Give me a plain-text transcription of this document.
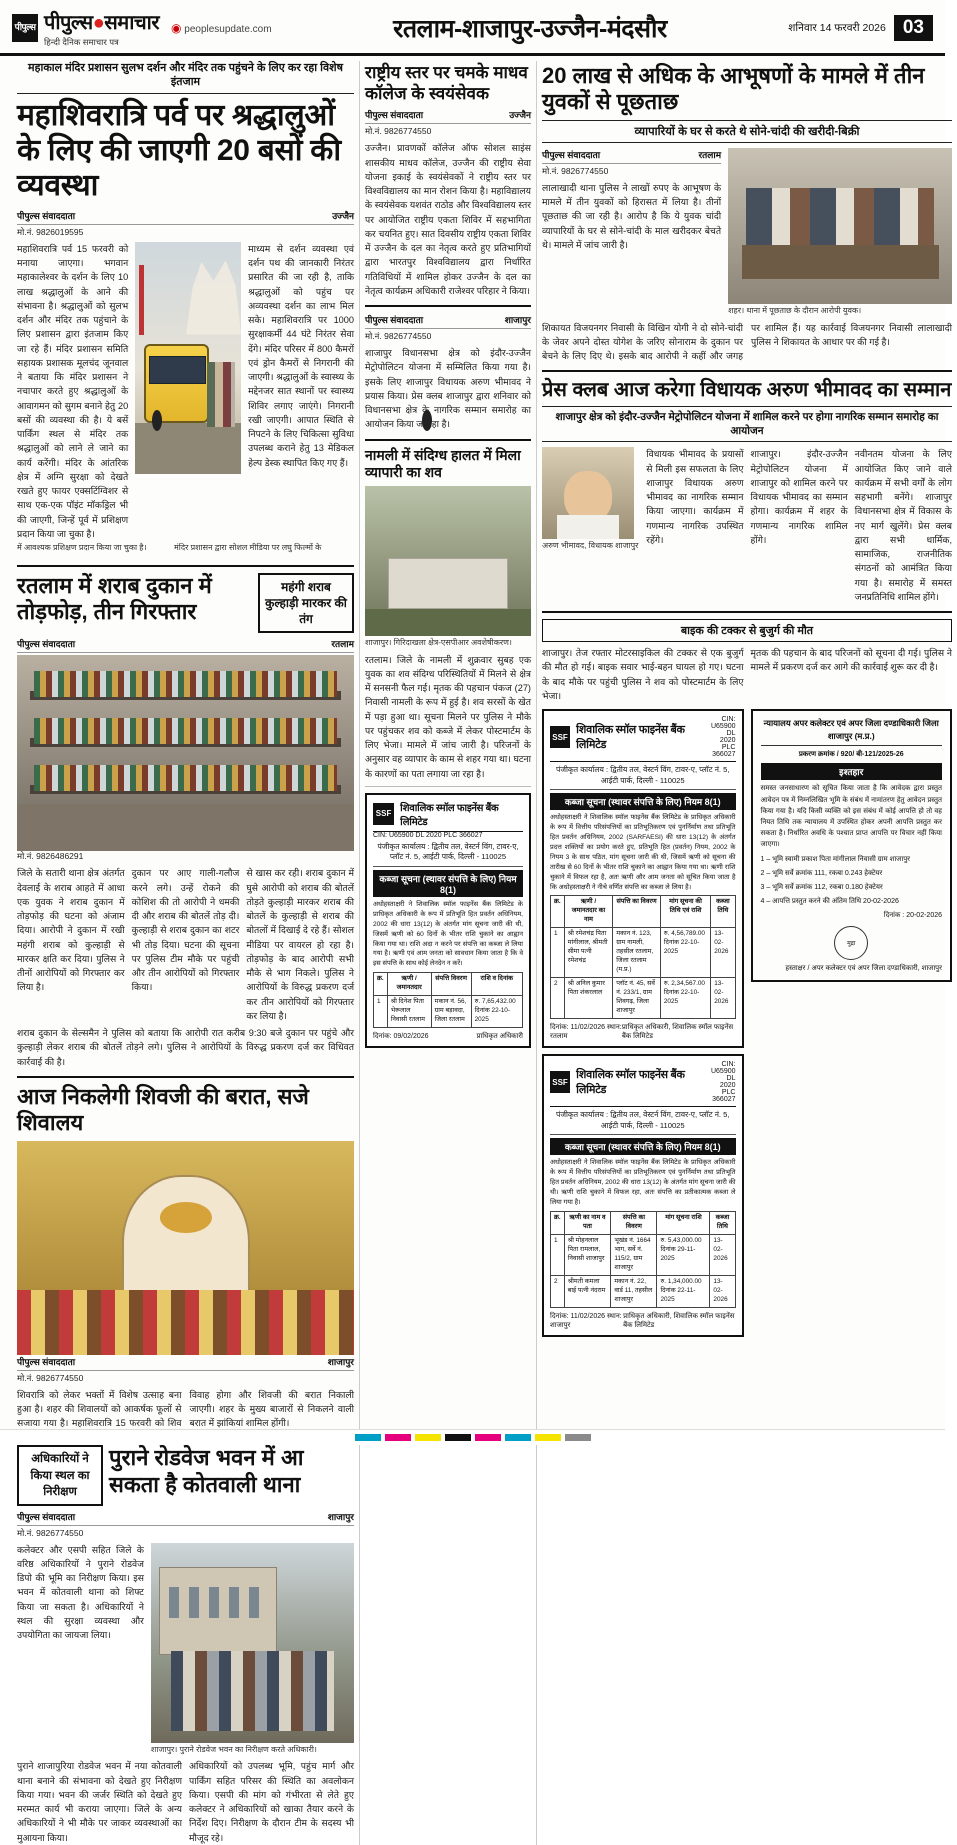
पीपुल्स पीपुल्स●समाचार
हिन्दी दैनिक समाचार पत्र
◉ peoplesupdate.com	रतलाम-शाजापुर-उज्जैन-मंदसौर	शनिवार 14 फरवरी 2026 03
महाकाल मंदिर प्रशासन सुलभ दर्शन और मंदिर तक पहुंचने के लिए कर रहा विशेष इंतजाम
महाशिवरात्रि पर्व पर श्रद्धालुओं के लिए की जाएगी 20 बसों की व्यवस्था
पीपुल्स संवाददाता	उज्जैन
मो.नं. 9826019595
महाशिवरात्रि पर्व 15 फरवरी को मनाया जाएगा। भगवान महाकालेश्वर के दर्शन के लिए 10 लाख श्रद्धालुओं के आने की संभावना है। श्रद्धालुओं को सुलभ दर्शन और मंदिर तक पहुंचाने के लिए प्रशासन द्वारा इंतजाम किए जा रहे हैं। मंदिर प्रशासन समिति सहायक प्रशासक मूलचंद जूनवाल ने बताया कि मंदिर प्रशासन ने नचापार करते हुए श्रद्धालुओं के आवागमन को सुगम बनाने हेतु 20 बसों की व्यवस्था की है। ये बसें पार्किंग स्थल से मंदिर तक श्रद्धालुओं को लाने ले जाने का कार्य करेंगी। मंदिर के आंतरिक क्षेत्र में अग्नि सुरक्षा को देखते रखते हुए फायर एक्सटिंग्विशर से साथ एक-एक पॉइंट मॉकड्रिल भी की जाएगी, जिन्हें पूर्व में प्रशिक्षण प्रदान किया जा चुका है।
माध्यम से दर्शन व्यवस्था एवं दर्शन पथ की जानकारी निरंतर प्रसारित की जा रही है, ताकि श्रद्धालुओं को पहुंच पर अव्यवस्था दर्शन का लाभ मिल सके। महाशिवरात्रि पर 1000 सुरक्षाकर्मी 44 घंटे निरंतर सेवा देंगे। मंदिर परिसर में 800 कैमरों एवं ड्रोन कैमरों से निगरानी की जाएगी। श्रद्धालुओं के स्वास्थ्य के मद्देनजर सात स्थानों पर स्वास्थ्य शिविर लगाए जाएंगे। निगरानी रखी जाएगी। आपात स्थिति से निपटने के लिए चिकित्सा सुविधा उपलब्ध कराने हेतु 13 मेडिकल हेल्प डेस्क स्थापित किए गए हैं।
में आवश्यक प्रशिक्षण प्रदान किया जा चुका है।	मंदिर प्रशासन द्वारा सोशल मीडिया पर लघु फिल्मों के
महंगी शराब कुल्हाड़ी मारकर की तंग
रतलाम में शराब दुकान में तोड़फोड़, तीन गिरफ्तार
पीपुल्स संवाददाता	रतलाम
मो.नं. 9826486291
जिले के सतारी थाना क्षेत्र अंतर्गत देवलाई के शराब आहते में आधा एक युवक ने शराब दुकान में तोड़फोड़ की घटना को अंजाम दिया। आरोपी ने दुकान में रखी महंगी शराब को कुल्हाड़ी से मारकर क्षति कर दिया। पुलिस ने तीनों आरोपियों को गिरफ्तार कर लिया है।
दुकान पर आए गाली-गलौज करने लगे। उन्हें रोकने की कोशिश की तो आरोपी ने धमकी दी और शराब की बोतलें तोड़ दी। कुल्हाड़ी से शराब दुकान का शटर भी तोड़ दिया। घटना की सूचना पर पुलिस टीम मौके पर पहुंची और तीन आरोपियों को गिरफ्तार किया।
से खास कर रही। शराब दुकान में घुसे आरोपी को शराब की बोतलें तोड़ते कुल्हाड़ी मारकर शराब की बोतलें के कुल्हाड़ी से शराब की बोतलों में दिखाई दे रहे हैं। सोशल मीडिया पर वायरल हो रहा है। तोड़फोड़ के बाद आरोपी सभी मौके से भाग निकले। पुलिस ने आरोपियों के विरुद्ध प्रकरण दर्ज कर तीन आरोपियों को गिरफ्तार कर लिया है।
शराब दुकान के सेल्समैन ने पुलिस को बताया कि आरोपी रात करीब 9:30 बजे दुकान पर पहुंचे और कुल्हाड़ी लेकर शराब की बोतलें तोड़ने लगे। पुलिस ने आरोपियों के विरुद्ध प्रकरण दर्ज कर विधिवत कार्रवाई की है।
आज निकलेगी शिवजी की बरात, सजे शिवालय
पीपुल्स संवाददाता	शाजापुर
मो.नं. 9826774550
शिवरात्रि को लेकर भक्तों में विशेष उत्साह बना हुआ है। शहर की शिवालयों को आकर्षक फूलों से सजाया गया है। महाशिवरात्रि 15 फरवरी को शिव विवाह होगा और शिवजी की बरात निकाली जाएगी। शहर के मुख्य बाजारों से निकलने वाली बरात में झांकियां शामिल होंगी।
अधिकारियों ने किया स्थल का निरीक्षण
पुराने रोडवेज भवन में आ सकता है कोतवाली थाना
पीपुल्स संवाददाता	शाजापुर
मो.नं. 9826774550
कलेक्टर और एसपी सहित जिले के वरिष्ठ अधिकारियों ने पुराने रोडवेज डिपो की भूमि का निरीक्षण किया। इस भवन में कोतवाली थाना को शिफ्ट किया जा सकता है। अधिकारियों ने स्थल की सुरक्षा व्यवस्था और उपयोगिता का जायजा लिया।
शाजापुर। पुराने रोडवेज भवन का निरीक्षण करते अधिकारी।
पुराने शाजापुरिया रोडवेज भवन में नया कोतवाली थाना बनाने की संभावना को देखते हुए निरीक्षण किया गया। भवन की जर्जर स्थिति को देखते हुए मरम्मत कार्य भी कराया जाएगा। जिले के अन्य अधिकारियों ने भी मौके पर जाकर व्यवस्थाओं का मुआयना किया।
अधिकारियों को उपलब्ध भूमि, पहुंच मार्ग और पार्किंग सहित परिसर की स्थिति का अवलोकन किया। एसपी की मांग को गंभीरता से लेते हुए कलेक्टर ने अधिकारियों को खाका तैयार करने के निर्देश दिए। निरीक्षण के दौरान टीम के सदस्य भी मौजूद रहे।
राष्ट्रीय स्तर पर चमके माधव कॉलेज के स्वयंसेवक
पीपुल्स संवाददाता	उज्जैन
मो.नं. 9826774550
उज्जैन। प्रावणकों कॉलेज ऑफ सोशल साइंस शासकीय माधव कॉलेज, उज्जैन की राष्ट्रीय सेवा योजना इकाई के स्वयंसेवकों ने राष्ट्रीय स्तर पर विश्वविद्यालय का मान रोशन किया है। महाविद्यालय के स्वयंसेवक यशवंत राठोड और विश्वविद्यालय स्तर पर आयोजित राष्ट्रीय एकता शिविर में सहभागिता कर चयनित हुए। सात दिवसीय राष्ट्रीय एकता शिविर में उज्जैन के दल का नेतृत्व करते हुए प्रतिभागियों द्वारा भारतपुर विश्वविद्यालय द्वारा निर्धारित गतिविधियों में शामिल होकर उज्जैन के दल का नेतृत्व कार्यक्रम अधिकारी राजेश्वर परिहार ने किया।
पीपुल्स संवाददाता	शाजापुर
मो.नं. 9826774550
शाजापुर विधानसभा क्षेत्र को इंदौर-उज्जैन मेट्रोपोलिटन योजना में सम्मिलित किया गया है। इसके लिए शाजापुर विधायक अरुण भीमावद ने प्रयास किया। प्रेस क्लब शाजापुर द्वारा शनिवार को विधानसभा क्षेत्र के नागरिक सम्मान समारोह का आयोजन किया जा रहा है।
नामली में संदिग्ध हालत में मिला व्यापारी का शव
शाजापुर। गिरिदाखला क्षेत्र-एसपीआर अवशेषीकरण।
रतलाम। जिले के नामली में शुक्रवार सुबह एक युवक का शव संदिग्ध परिस्थितियों में मिलने से क्षेत्र में सनसनी फैल गई। मृतक की पहचान पंकज (27) निवासी नामली के रूप में हुई है। शव सरसों के खेत में पड़ा हुआ था। सूचना मिलने पर पुलिस ने मौके पर पहुंचकर शव को कब्जे में लेकर पोस्टमार्टम के लिए भेजा। मामले में जांच जारी है। परिजनों के अनुसार वह व्यापार के काम से शहर गया था। घटना के कारणों का पता लगाया जा रहा है।
SSF शिवालिक स्मॉल फाइनेंस बैंक लिमिटेड
CIN: U65900 DL 2020 PLC 366027
पंजीकृत कार्यालय : द्वितीय तल, वेस्टर्न विंग, टावर-ए, प्लॉट नं. 5, आईटी पार्क, दिल्ली - 110025
कब्जा सूचना (स्थावर संपत्ति के लिए) नियम 8(1)
अधोहस्ताक्षरी ने शिवालिक स्मॉल फाइनेंस बैंक लिमिटेड के प्राधिकृत अधिकारी के रूप में प्रतिभूति हित प्रवर्तन अधिनियम, 2002 की धारा 13(12) के अंतर्गत मांग सूचना जारी की थी, जिसमें ऋणी को 60 दिनों के भीतर राशि चुकाने का आह्वान किया गया था। राशि अदा न करने पर संपत्ति का कब्जा ले लिया गया है। ऋणी एवं आम जनता को सावधान किया जाता है कि वे इस संपत्ति के साथ कोई लेनदेन न करें।
क्र.	ऋणी / जमानतदार	संपत्ति विवरण	राशि व दिनांक
1	श्री दिनेश पिता भेरूलाल निवासी रतलाम	मकान नं. 56, ग्राम बड़ावदा, जिला रतलाम	रु. 7,65,432.00 दिनांक 22-10-2025
दिनांक: 09/02/2026	प्राधिकृत अधिकारी
20 लाख से अधिक के आभूषणों के मामले में तीन युवकों से पूछताछ
व्यापारियों के घर से करते थे सोने-चांदी की खरीदी-बिक्री
पीपुल्स संवाददाता	रतलाम
मो.नं. 9826774550
लालाखादी थाना पुलिस ने लाखों रुपए के आभूषण के मामले में तीन युवकों को हिरासत में लिया है। तीनों पूछताछ की जा रही है। आरोप है कि ये युवक चांदी व्यापारियों के घर से सोने-चांदी के माल खरीदकर बेचते थे। मामले में जांच जारी है।
शहर। थाना में पूछताछ के दौरान आरोपी युवक।
शिकायत विजयनगर निवासी के विखिन योगी ने दो सोने-चांदी के जेवर अपने दोस्त योगेश के जरिए सोनाराम के दुकान पर बेचने के लिए दिए थे। इसके बाद आरोपी ने कहीं और जगह पर शामिल हैं। यह कार्रवाई विजयनगर निवासी लालाखादी पुलिस ने शिकायत के आधार पर की गई है।
प्रेस क्लब आज करेगा विधायक अरुण भीमावद का सम्मान
शाजापुर क्षेत्र को इंदौर-उज्जैन मेट्रोपोलिटन योजना में शामिल करने पर होगा नागरिक सम्मान समारोह का आयोजन
अरुण भीमावद, विधायक शाजापुर
विधायक भीमावद के प्रयासों से मिली इस सफलता के लिए शाजापुर विधायक अरुण भीमावद का नागरिक सम्मान किया जाएगा। कार्यक्रम में गणमान्य नागरिक उपस्थित रहेंगे।
शाजापुर। इंदौर-उज्जैन मेट्रोपोलिटन योजना में शाजापुर को शामिल करने पर विधायक भीमावद का सम्मान होगा। कार्यक्रम में शहर के गणमान्य नागरिक शामिल होंगे।
नवीनतम योजना के लिए आयोजित किए जाने वाले कार्यक्रम में सभी वर्गों के लोग सहभागी बनेंगे। शाजापुर विधानसभा क्षेत्र में विकास के नए मार्ग खुलेंगे। प्रेस क्लब द्वारा सभी धार्मिक, सामाजिक, राजनीतिक संगठनों को आमंत्रित किया गया है। समारोह में समस्त जनप्रतिनिधि शामिल होंगे।
बाइक की टक्कर से बुजुर्ग की मौत
शाजापुर। तेज रफ्तार मोटरसाइकिल की टक्कर से एक बुजुर्ग की मौत हो गई। बाइक सवार भाई-बहन घायल हो गए। घटना के बाद मौके पर पहुंची पुलिस ने शव को पोस्टमार्टम के लिए भेजा।
मृतक की पहचान के बाद परिजनों को सूचना दी गई। पुलिस ने मामले में प्रकरण दर्ज कर आगे की कार्रवाई शुरू कर दी है।
SSF
शिवालिक स्मॉल फाइनेंस बैंक लिमिटेड
CIN: U65900 DL 2020 PLC 366027
पंजीकृत कार्यालय : द्वितीय तल, वेस्टर्न विंग, टावर-ए, प्लॉट नं. 5, आईटी पार्क, दिल्ली - 110025
कब्जा सूचना (स्थावर संपत्ति के लिए) नियम 8(1)
अधोहस्ताक्षरी ने शिवालिक स्मॉल फाइनेंस बैंक लिमिटेड के प्राधिकृत अधिकारी के रूप में वित्तीय परिसंपत्तियों का प्रतिभूतिकरण एवं पुनर्निर्माण तथा प्रतिभूति हित प्रवर्तन अधिनियम, 2002 (SARFAESI) की धारा 13(12) के अंतर्गत प्रदत्त शक्तियों का प्रयोग करते हुए, प्रतिभूति हित (प्रवर्तन) नियम, 2002 के नियम 3 के साथ पठित, मांग सूचना जारी की थी, जिसमें ऋणी को सूचना की तारीख से 60 दिनों के भीतर राशि चुकाने का आह्वान किया गया था। ऋणी राशि चुकाने में विफल रहा है, अतः ऋणी और आम जनता को सूचित किया जाता है कि अधोहस्ताक्षरी ने नीचे वर्णित संपत्ति का कब्जा ले लिया है।
क्र.	ऋणी / जमानतदार का नाम	संपत्ति का विवरण	मांग सूचना की तिथि एवं राशि	कब्जा तिथि
1	श्री रमेशचंद्र पिता मांगीलाल, श्रीमती सीमा पत्नी रमेशचंद्र	मकान नं. 123, ग्राम नामली, तहसील रतलाम, जिला रतलाम (म.प्र.)	रु. 4,56,789.00 दिनांक 22-10-2025	13-02-2026
2	श्री अनिल कुमार पिता शंकरलाल	प्लॉट नं. 45, सर्वे नं. 233/1, ग्राम शिवगढ़, जिला शाजापुर	रु. 2,34,567.00 दिनांक 22-10-2025	13-02-2026
दिनांक: 11/02/2026 स्थान: रतलाम
प्राधिकृत अधिकारी, शिवालिक स्मॉल फाइनेंस बैंक लिमिटेड
SSF
शिवालिक स्मॉल फाइनेंस बैंक लिमिटेड
CIN: U65900 DL 2020 PLC 366027
पंजीकृत कार्यालय : द्वितीय तल, वेस्टर्न विंग, टावर-ए, प्लॉट नं. 5, आईटी पार्क, दिल्ली - 110025
कब्जा सूचना (स्थावर संपत्ति के लिए) नियम 8(1)
अधोहस्ताक्षरी ने शिवालिक स्मॉल फाइनेंस बैंक लिमिटेड के प्राधिकृत अधिकारी के रूप में वित्तीय परिसंपत्तियों का प्रतिभूतिकरण एवं पुनर्निर्माण तथा प्रतिभूति हित प्रवर्तन अधिनियम, 2002 की धारा 13(12) के अंतर्गत मांग सूचना जारी की थी। ऋणी राशि चुकाने में विफल रहा, अतः संपत्ति का प्रतीकात्मक कब्जा ले लिया गया है।
क्र.	ऋणी का नाम व पता	संपत्ति का विवरण	मांग सूचना राशि	कब्जा तिथि
1	श्री मोहनलाल पिता रामलाल, निवासी शाजापुर	भूखंड नं. 1664 भाग, सर्वे नं. 115/2, ग्राम शाजापुर	रु. 5,43,000.00 दिनांक 29-11-2025	13-02-2026
2	श्रीमती कमला बाई पत्नी नंदराम	मकान नं. 22, वार्ड 11, तहसील शाजापुर	रु. 1,34,000.00 दिनांक 22-11-2025	13-02-2026
दिनांक: 11/02/2026 स्थान: शाजापुर
प्राधिकृत अधिकारी, शिवालिक स्मॉल फाइनेंस बैंक लिमिटेड
न्यायालय अपर कलेक्टर एवं अपर जिला दण्डाधिकारी जिला शाजापुर (म.प्र.)
प्रकरण क्रमांक / 920/ बी-121/2025-26
इश्तहार
समस्त जनसाधारण को सूचित किया जाता है कि आवेदक द्वारा प्रस्तुत आवेदन पत्र में निम्नलिखित भूमि के संबंध में नामांतरण हेतु आवेदन प्रस्तुत किया गया है। यदि किसी व्यक्ति को इस संबंध में कोई आपत्ति हो तो वह नियत तिथि तक न्यायालय में उपस्थित होकर अपनी आपत्ति प्रस्तुत कर सकता है। निर्धारित अवधि के पश्चात प्राप्त आपत्ति पर विचार नहीं किया जाएगा।
1 – भूमि स्वामी प्रकाश पिता मांगीलाल निवासी ग्राम शाजापुर
2 – भूमि सर्वे क्रमांक 111, रकबा 0.243 हेक्टेयर
3 – भूमि सर्वे क्रमांक 112, रकबा 0.180 हेक्टेयर
4 – आपत्ति प्रस्तुत करने की अंतिम तिथि 20-02-2026
दिनांक : 20-02-2026
मुद्रा
हस्ताक्षर / अपर कलेक्टर एवं अपर जिला दण्डाधिकारी, शाजापुर
